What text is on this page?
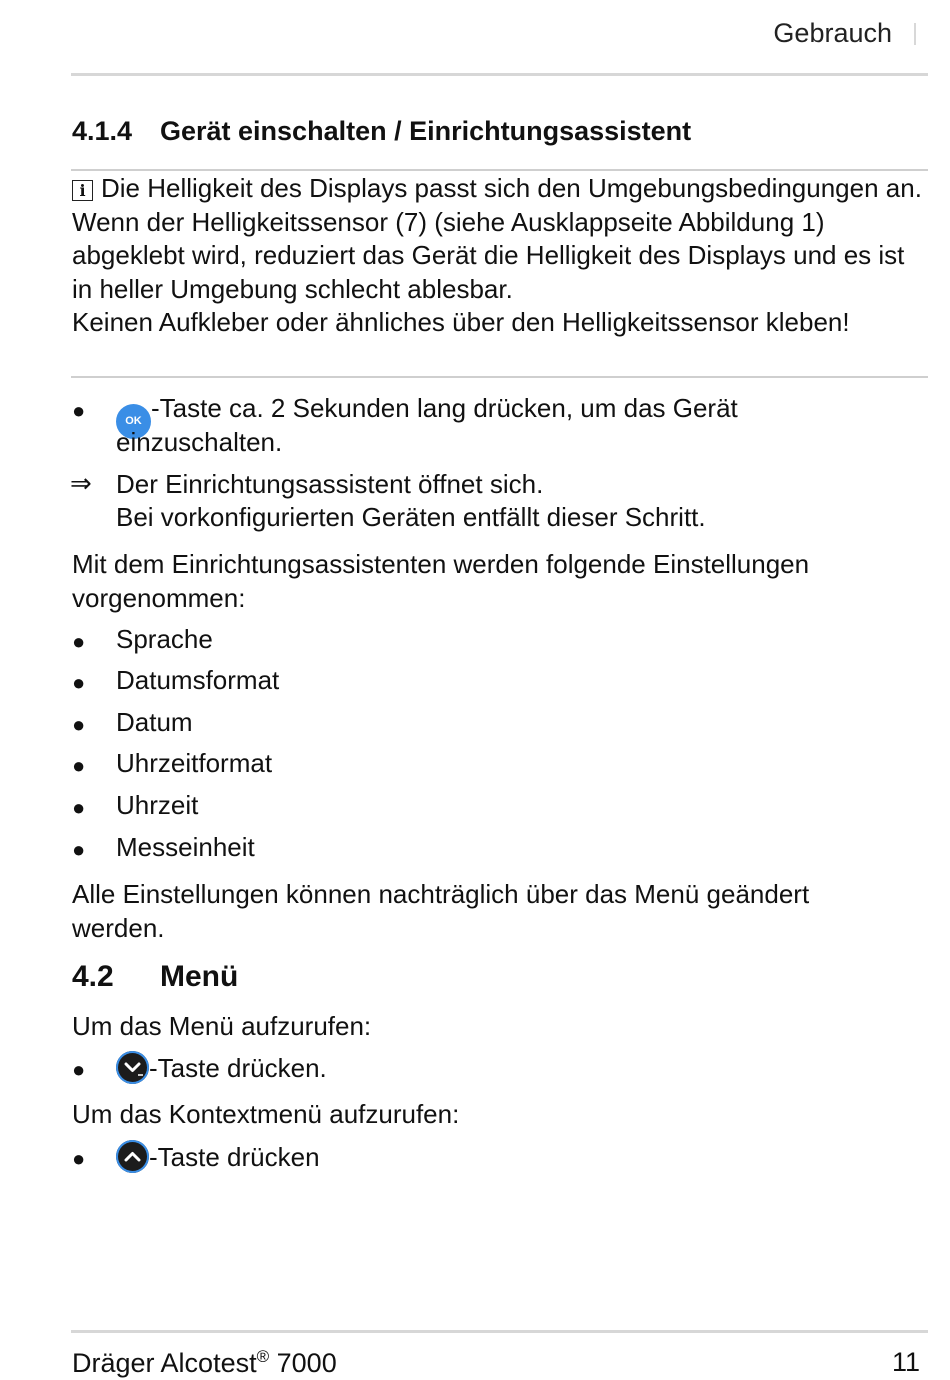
Gebrauch
4.1.4 Gerät einschalten / Einrichtungsassistent

i Die Helligkeit des Displays passt sich den Umgebungsbedingungen an.

Wenn der Helligkeitssensor (7) (siehe Ausklappseite Abbildung 1) abgeklebt wird, reduziert das Gerät die Helligkeit des Displays und es ist in heller Umgebung schlecht ablesbar.

Keinen Aufkleber oder ähnliches über den Helligkeitssensor kleben!

●	OK -Taste ca. 2 Sekunden lang drücken, um das Gerät
einzuschalten.
⇒ Der Einrichtungsassistent öffnet sich.
Bei vorkonfigurierten Geräten entfällt dieser Schritt.
Mit dem Einrichtungsassistenten werden folgende Einstellungen vorgenommen:
● Sprache
● Datumsformat
● Datum
● Uhrzeitformat
● Uhrzeit
● Messeinheit
Alle Einstellungen können nachträglich über das Menü geändert werden.
4.2 Menü
Um das Menü aufzurufen:
●	-Taste drücken.
Um das Kontextmenü aufzurufen:
●	-Taste drücken
Dräger Alcotest® 7000	11
